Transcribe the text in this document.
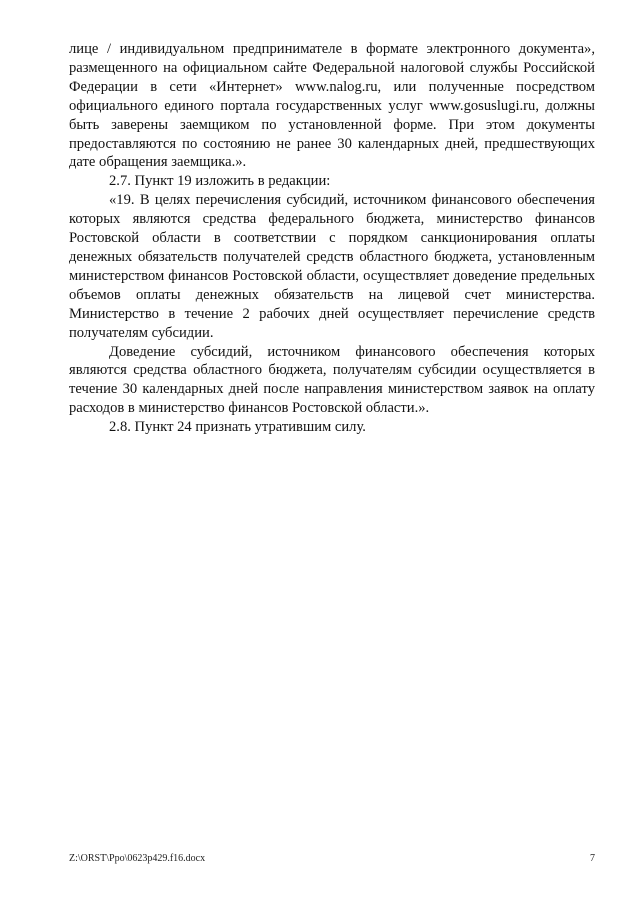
лице / индивидуальном предпринимателе в формате электронного документа», размещенного на официальном сайте Федеральной налоговой службы Российской Федерации в сети «Интернет» www.nalog.ru, или полученные посредством официального единого портала государственных услуг www.gosuslugi.ru, должны быть заверены заемщиком по установленной форме. При этом документы предоставляются по состоянию не ранее 30 календарных дней, предшествующих дате обращения заемщика.».

2.7. Пункт 19 изложить в редакции:

«19. В целях перечисления субсидий, источником финансового обеспечения которых являются средства федерального бюджета, министерство финансов Ростовской области в соответствии с порядком санкционирования оплаты денежных обязательств получателей средств областного бюджета, установленным министерством финансов Ростовской области, осуществляет доведение предельных объемов оплаты денежных обязательств на лицевой счет министерства. Министерство в течение 2 рабочих дней осуществляет перечисление средств получателям субсидии.

Доведение субсидий, источником финансового обеспечения которых являются средства областного бюджета, получателям субсидии осуществляется в течение 30 календарных дней после направления министерством заявок на оплату расходов в министерство финансов Ростовской области.».

2.8. Пункт 24 признать утратившим силу.

Z:\ORST\Ppo\0623p429.f16.docx	7
